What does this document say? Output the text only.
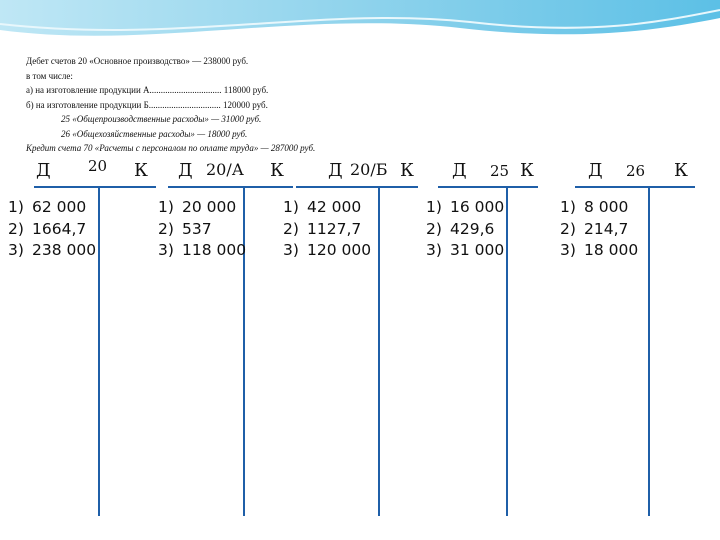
Дебет счетов 20 «Основное производство» — 238000 руб.
в том числе:
а) на изготовление продукции А................................ 118000 руб.
б) на изготовление продукции Б................................ 120000 руб.
25 «Общепроизводственные расходы» — 31000 руб.
26 «Общехозяйственные расходы» — 18000 руб.
Кредит счета 70 «Расчеты с персоналом по оплате труда» — 287000 руб.
Д 20 К
1) 62 000
2) 1664,7
3) 238 000
Д 20/А К
1) 20 000
2) 537
3) 118 000
Д 20/Б К
1) 42 000
2) 1127,7
3) 120 000
Д 25 К
1) 16 000
2) 429,6
3) 31 000
Д 26 К
1) 8 000
2) 214,7
3) 18 000
